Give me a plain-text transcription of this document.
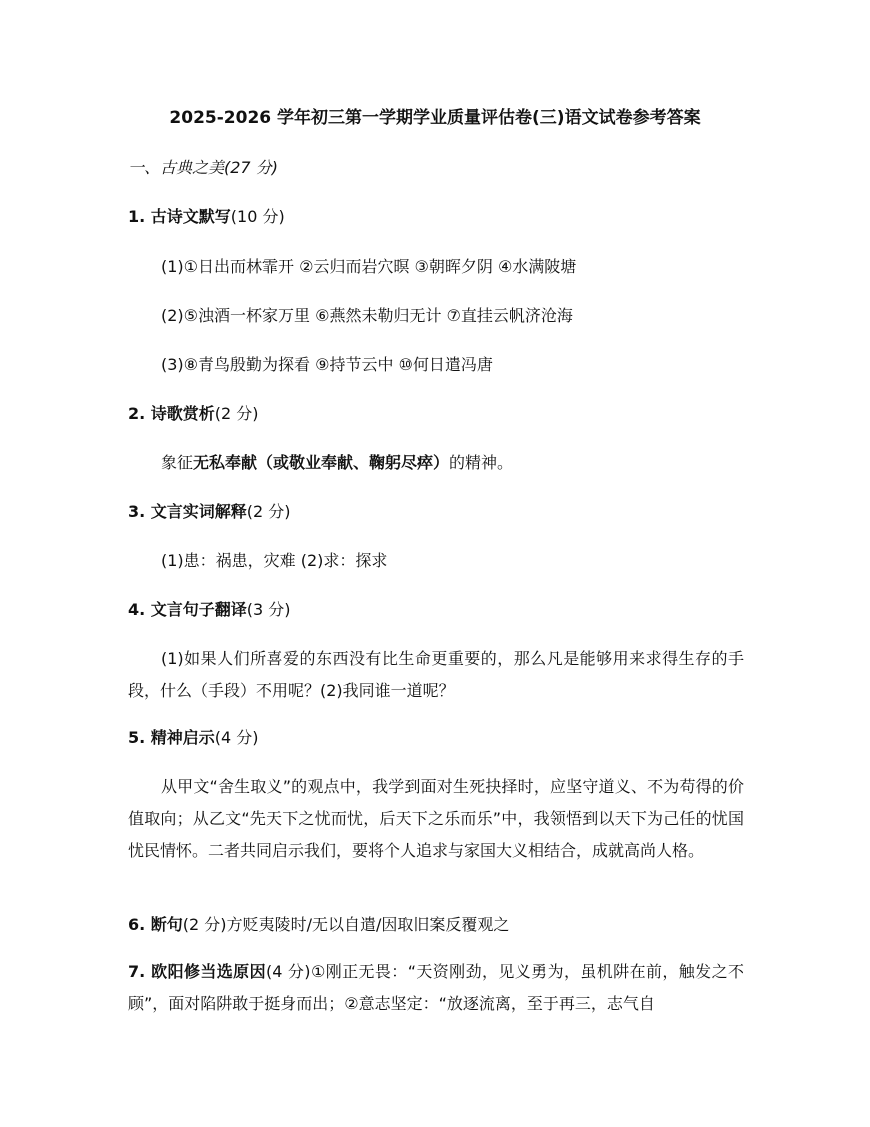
2025-2026 学年初三第一学期学业质量评估卷(三)语文试卷参考答案
一、古典之美(27 分)
1. 古诗文默写(10 分)
(1)①日出而林霏开 ②云归而岩穴暝 ③朝晖夕阴 ④水满陂塘
(2)⑤浊酒一杯家万里 ⑥燕然未勒归无计 ⑦直挂云帆济沧海
(3)⑧青鸟殷勤为探看 ⑨持节云中 ⑩何日遣冯唐
2. 诗歌赏析(2 分)
象征无私奉献（或敬业奉献、鞠躬尽瘁）的精神。
3. 文言实词解释(2 分)
(1)患：祸患，灾难 (2)求：探求
4. 文言句子翻译(3 分)
(1)如果人们所喜爱的东西没有比生命更重要的，那么凡是能够用来求得生存的手段，什么（手段）不用呢？(2)我同谁一道呢？
5. 精神启示(4 分)
从甲文“舍生取义”的观点中，我学到面对生死抉择时，应坚守道义、不为苟得的价值取向；从乙文“先天下之忧而忧，后天下之乐而乐”中，我领悟到以天下为己任的忧国忧民情怀。二者共同启示我们，要将个人追求与家国大义相结合，成就高尚人格。
6. 断句(2 分)方贬夷陵时/无以自遣/因取旧案反覆观之
7. 欧阳修当选原因(4 分)①刚正无畏：“天资刚劲，见义勇为，虽机阱在前，触发之不顾”，面对陷阱敢于挺身而出；②意志坚定：“放逐流离，至于再三，志气自
